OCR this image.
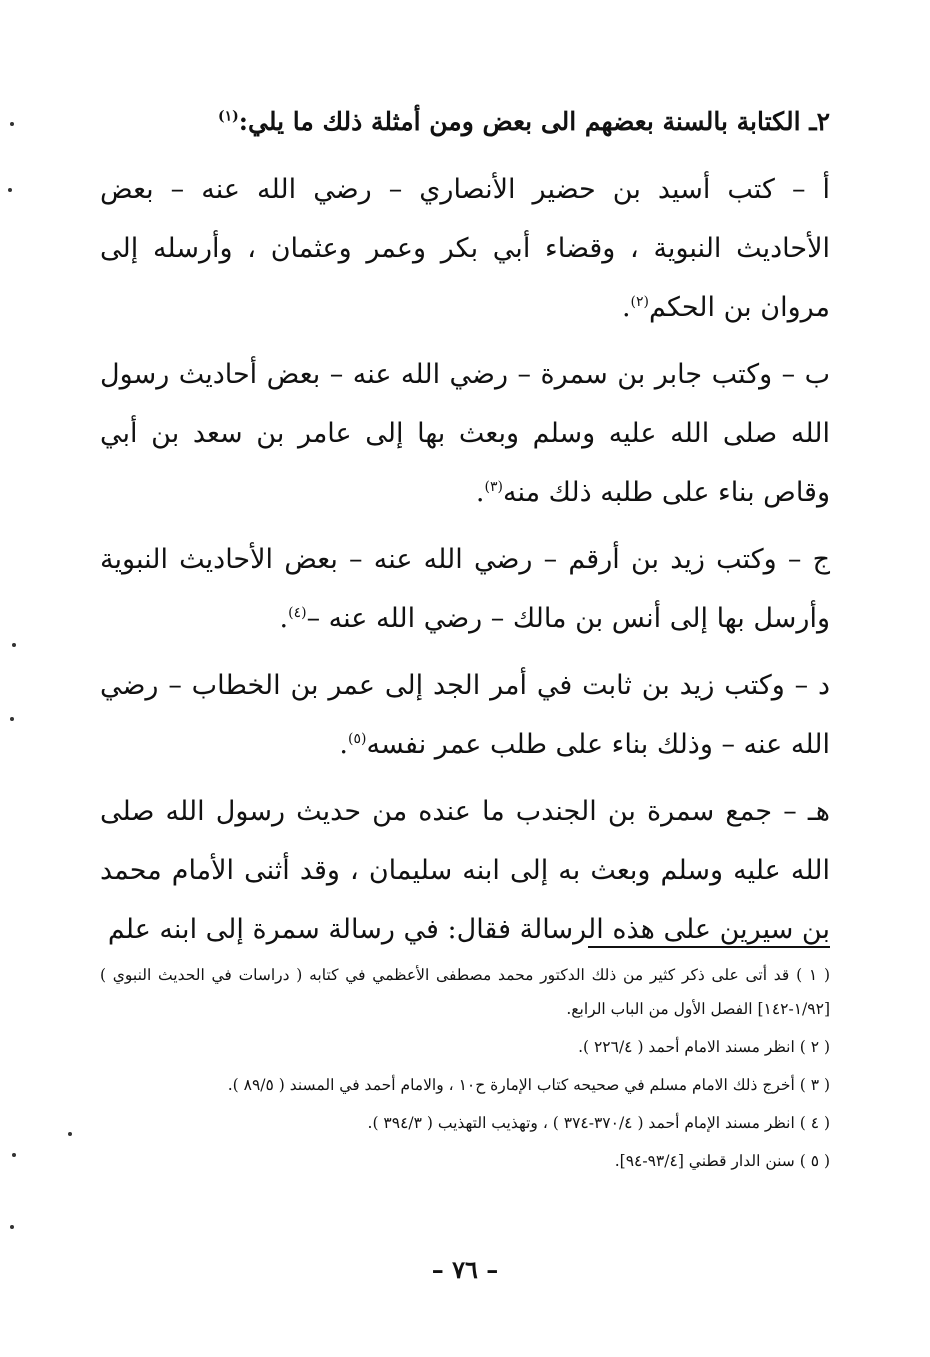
٢ـ الكتابة بالسنة بعضهم الى بعض ومن أمثلة ذلك ما يلي:$^{(١)}$

أ – كتب أسيد بن حضير الأنصاري – رضي الله عنه – بعض الأحاديث النبوية ، وقضاء أبي بكر وعمر وعثمان ، وأرسله إلى مروان بن الحكم$^{(٢)}$.

ب – وكتب جابر بن سمرة – رضي الله عنه – بعض أحاديث رسول الله صلى الله عليه وسلم وبعث بها إلى عامر بن سعد بن أبي وقاص بناء على طلبه ذلك منه$^{(٣)}$.

ج – وكتب زيد بن أرقم – رضي الله عنه – بعض الأحاديث النبوية وأرسل بها إلى أنس بن مالك – رضي الله عنه –$^{(٤)}$.

د – وكتب زيد بن ثابت في أمر الجد إلى عمر بن الخطاب – رضي الله عنه – وذلك بناء على طلب عمر نفسه$^{(٥)}$.

هـ – جمع سمرة بن الجندب ما عنده من حديث رسول الله صلى الله عليه وسلم وبعث به إلى ابنه سليمان ، وقد أثنى الأمام محمد بن سيرين على هذه الرسالة فقال: في رسالة سمرة إلى ابنه علم

( ١ ) قد أتى على ذكر كثير من ذلك الدكتور محمد مصطفى الأعظمي في كتابه ( دراسات في الحديث النبوي ) [١/٩٢-١٤٢] الفصل الأول من الباب الرابع.

( ٢ ) انظر مسند الامام أحمد ( ٢٢٦/٤ ).

( ٣ ) أخرج ذلك الامام مسلم في صحيحه كتاب الإمارة ح١٠ ، والامام أحمد في المسند ( ٨٩/٥ ).

( ٤ ) انظر مسند الإمام أحمد ( ٣٧٠/٤-٣٧٤ ) ، وتهذيب التهذيب ( ٣٩٤/٣ ).

( ٥ ) سنن الدار قطني [٩٣/٤-٩٤].

– ٧٦ –
